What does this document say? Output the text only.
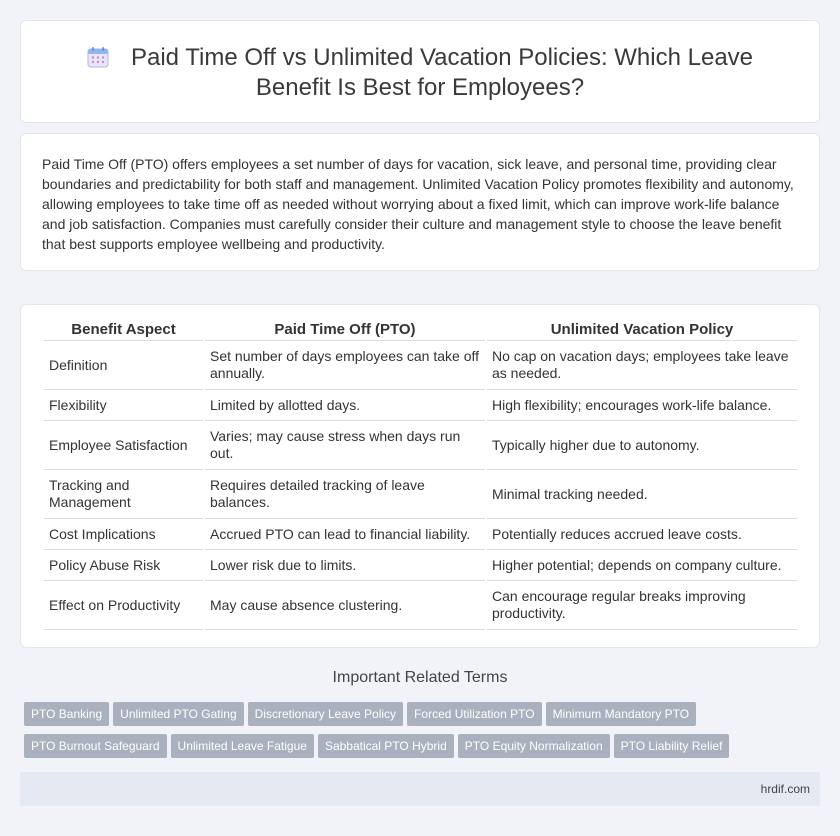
Paid Time Off vs Unlimited Vacation Policies: Which Leave Benefit Is Best for Employees?

Paid Time Off (PTO) offers employees a set number of days for vacation, sick leave, and personal time, providing clear boundaries and predictability for both staff and management. Unlimited Vacation Policy promotes flexibility and autonomy, allowing employees to take time off as needed without worrying about a fixed limit, which can improve work-life balance and job satisfaction. Companies must carefully consider their culture and management style to choose the leave benefit that best supports employee wellbeing and productivity.

Benefit Aspect	Paid Time Off (PTO)	Unlimited Vacation Policy
Definition	Set number of days employees can take off annually.	No cap on vacation days; employees take leave as needed.
Flexibility	Limited by allotted days.	High flexibility; encourages work-life balance.
Employee Satisfaction	Varies; may cause stress when days run out.	Typically higher due to autonomy.
Tracking and Management	Requires detailed tracking of leave balances.	Minimal tracking needed.
Cost Implications	Accrued PTO can lead to financial liability.	Potentially reduces accrued leave costs.
Policy Abuse Risk	Lower risk due to limits.	Higher potential; depends on company culture.
Effect on Productivity	May cause absence clustering.	Can encourage regular breaks improving productivity.
Important Related Terms
PTO Banking Unlimited PTO Gating Discretionary Leave Policy Forced Utilization PTO Minimum Mandatory PTO
PTO Burnout Safeguard Unlimited Leave Fatigue Sabbatical PTO Hybrid PTO Equity Normalization PTO Liability Relief
hrdif.com
